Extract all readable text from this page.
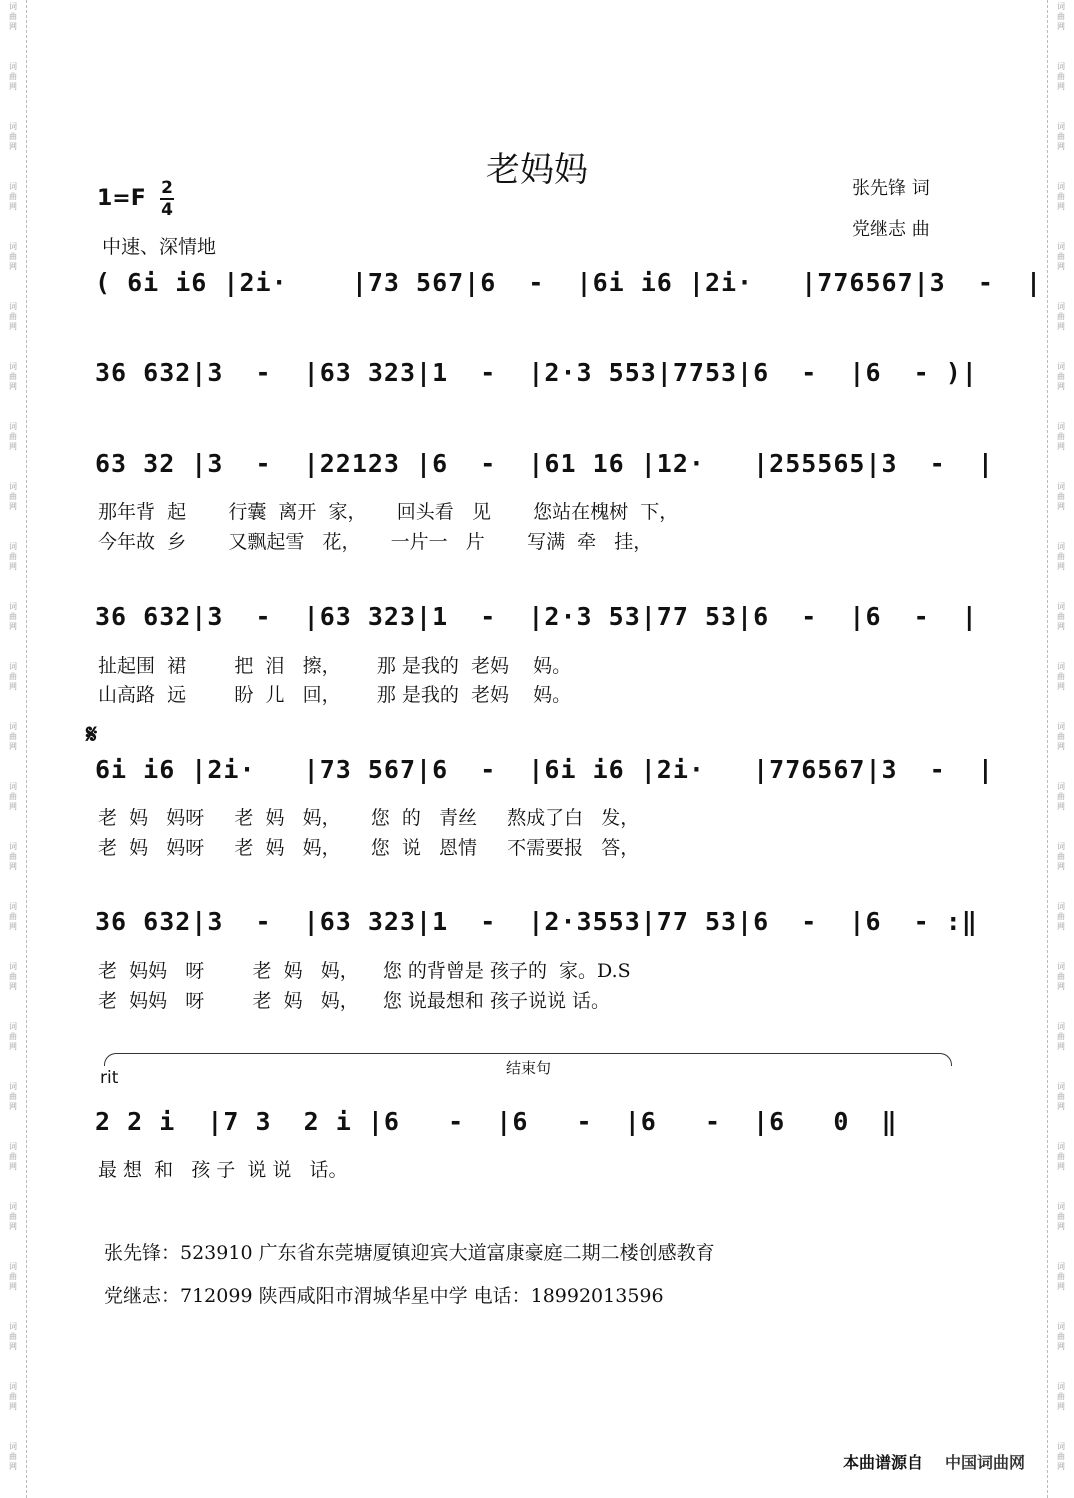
老妈妈	张先锋 词
党继志 曲
1=F 2
4
中速、深情地
( 6i i6 |2i·    |73 567|6  -  |6i i6 |2i·   |776567|3  -  |
36 632|3  -  |63 323|1  -  |2·3 553|7753|6  -  |6  - )|
63 32 |3  -  |22123 |6  -  |61 16 |12·   |255565|3  -  |
那年背  起       行囊  离开  家，     回头看   见       您站在槐树  下，
今年故  乡       又飘起雪   花，     一片一   片       写满  牵   挂，
36 632|3  -  |63 323|1  -  |2·3 53|77 53|6  -  |6  -  |
扯起围  裙        把  泪   擦，      那 是我的  老妈    妈。
山高路  远        盼  儿   回，      那 是我的  老妈    妈。
𝄋
6i i6 |2i·   |73 567|6  -  |6i i6 |2i·   |776567|3  -  |
老  妈   妈呀     老  妈   妈，     您  的   青丝     熬成了白   发，
老  妈   妈呀     老  妈   妈，     您  说   恩情     不需要报   答，
36 632|3  -  |63 323|1  -  |2·3553|77 53|6  -  |6  - :‖
老  妈妈   呀        老  妈   妈，    您 的背曾是 孩子的  家。D.S
老  妈妈   呀        老  妈   妈，    您 说最想和 孩子说说 话。
结束句
rit
2 2 i  |7 3  2 i |6   -  |6   -  |6   -  |6   0  ‖
最 想  和   孩 子  说 说   话。
张先锋：523910 广东省东莞塘厦镇迎宾大道富康豪庭二期二楼创感教育
党继志：712099 陕西咸阳市渭城华星中学 电话：18992013596
本曲谱源自 中国词曲网
词
曲
网
词
曲
网
词
曲
网
词
曲
网
词
曲
网
词
曲
网
词
曲
网
词
曲
网
词
曲
网
词
曲
网
词
曲
网
词
曲
网
词
曲
网
词
曲
网
词
曲
网
词
曲
网
词
曲
网
词
曲
网
词
曲
网
词
曲
网
词
曲
网
词
曲
网
词
曲
网
词
曲
网
词
曲
网
词
曲
网
词
曲
网
词
曲
网
词
曲
网
词
曲
网
词
曲
网
词
曲
网
词
曲
网
词
曲
网
词
曲
网
词
曲
网
词
曲
网
词
曲
网
词
曲
网
词
曲
网
词
曲
网
词
曲
网
词
曲
网
词
曲
网
词
曲
网
词
曲
网
词
曲
网
词
曲
网
词
曲
网
词
曲
网
